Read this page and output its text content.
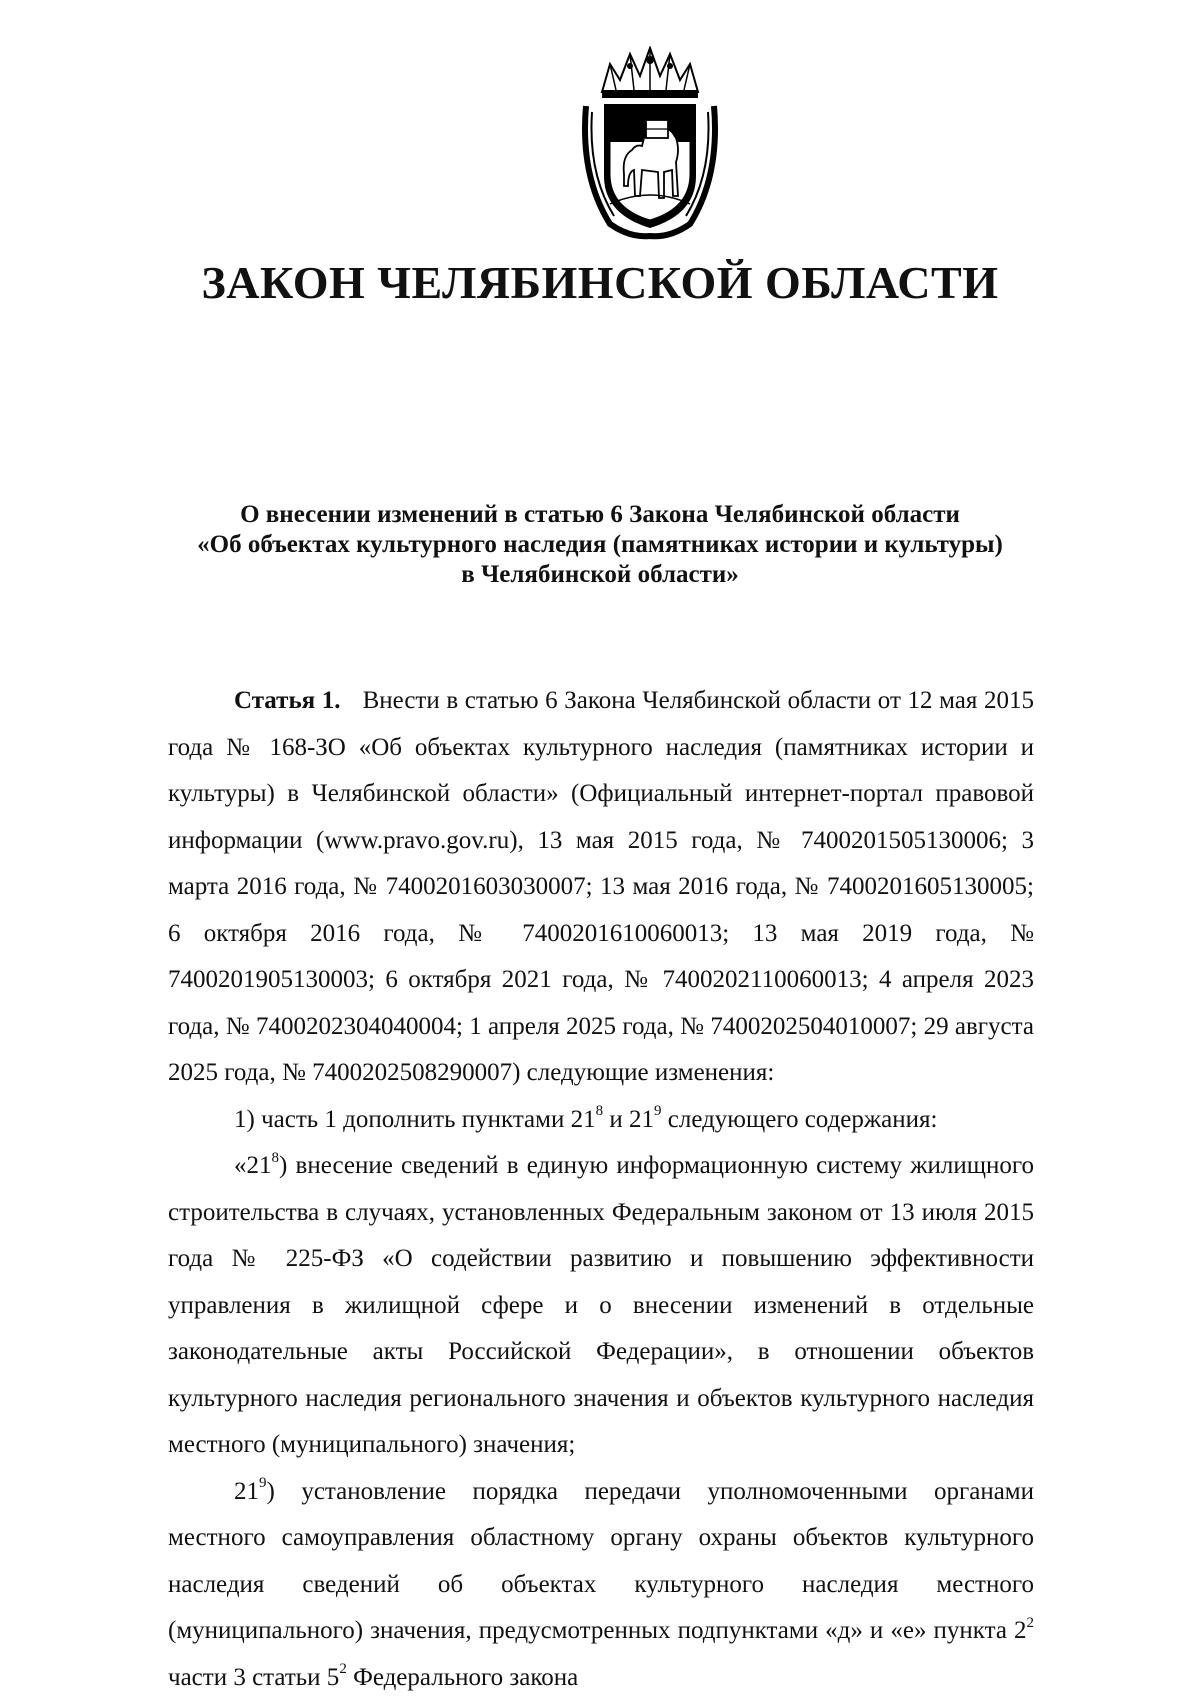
ЗАКОН ЧЕЛЯБИНСКОЙ ОБЛАСТИ
О внесении изменений в статью 6 Закона Челябинской области
«Об объектах культурного наследия (памятниках истории и культуры)
в Челябинской области»

Статья 1. Внести в статью 6 Закона Челябинской области от 12 мая 2015 года № 168-ЗО «Об объектах культурного наследия (памятниках истории и культуры) в Челябинской области» (Официальный интернет-портал правовой информации (www.pravo.gov.ru), 13 мая 2015 года, № 7400201505130006; 3 марта 2016 года, № 7400201603030007; 13 мая 2016 года, № 7400201605130005; 6 октября 2016 года, № 7400201610060013; 13 мая 2019 года, № 7400201905130003; 6 октября 2021 года, № 7400202110060013; 4 апреля 2023 года, № 7400202304040004; 1 апреля 2025 года, № 7400202504010007; 29 августа 2025 года, № 7400202508290007) следующие изменения:

1) часть 1 дополнить пунктами $21^8$ и $21^9$ следующего содержания:

«$21^8$) внесение сведений в единую информационную систему жилищного строительства в случаях, установленных Федеральным законом от 13 июля 2015 года № 225-ФЗ «О содействии развитию и повышению эффективности управления в жилищной сфере и о внесении изменений в отдельные законодательные акты Российской Федерации», в отношении объектов культурного наследия регионального значения и объектов культурного наследия местного (муниципального) значения;

$21^9$) установление порядка передачи уполномоченными органами местного самоуправления областному органу охраны объектов культурного наследия сведений об объектах культурного наследия местного (муниципального) значения, предусмотренных подпунктами «д» и «е» пункта $2^2$ части 3 статьи $5^2$ Федерального закона
